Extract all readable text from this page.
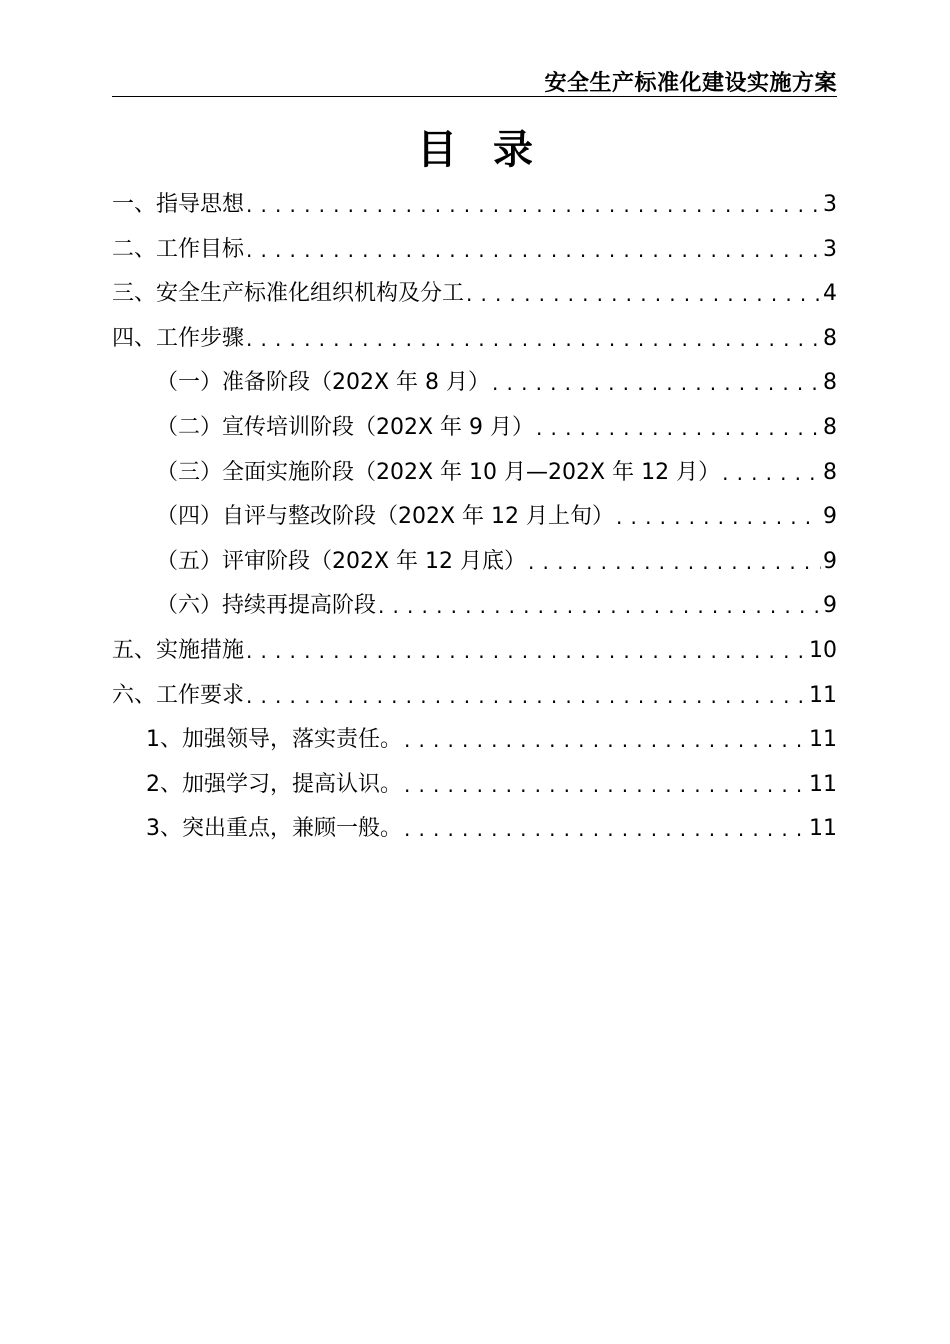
安全生产标准化建设实施方案
目录
一、指导思想 . . .	3
二、工作目标 . . .	3
三、安全生产标准化组织机构及分工 . . .	4
四、工作步骤 . . .	8
（一）准备阶段（202X 年 8 月） . . .	8
（二）宣传培训阶段（202X 年 9 月） . . .	8
（三）全面实施阶段（202X 年 10 月—202X 年 12 月） . . .	8
（四）自评与整改阶段（202X 年 12 月上旬） . . .	9
（五）评审阶段（202X 年 12 月底） . . .	9
（六）持续再提高阶段 . . .	9
五、实施措施 . . .	10
六、工作要求 . . .	11
1、加强领导，落实责任。 . . .	11
2、加强学习，提高认识。 . . .	11
3、突出重点，兼顾一般。 . . .	11
